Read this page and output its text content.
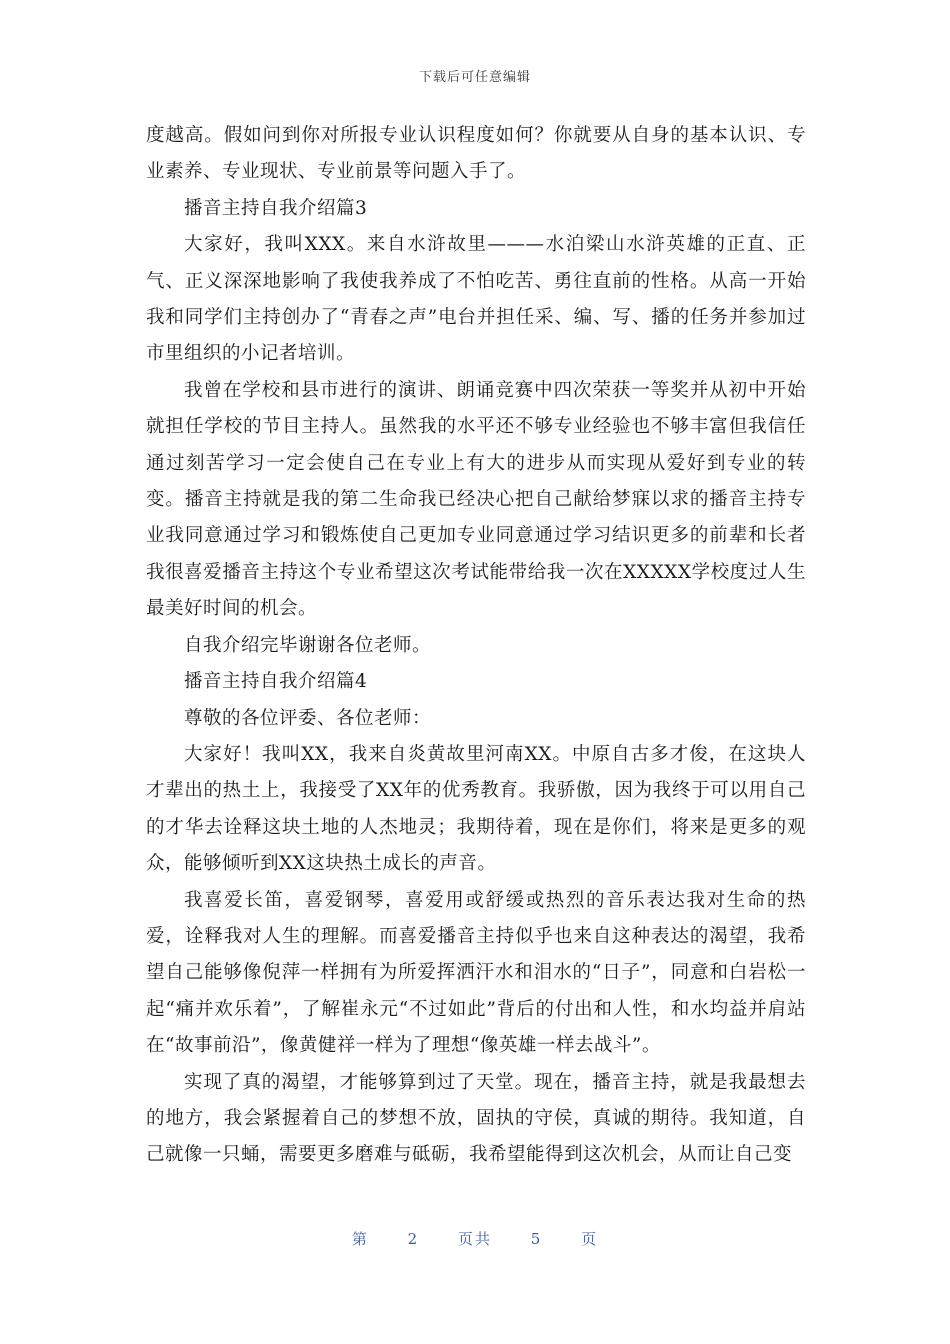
下载后可任意编辑

度越高。假如问到你对所报专业认识程度如何？你就要从自身的基本认识、专业素养、专业现状、专业前景等问题入手了。

播音主持自我介绍篇3

大家好，我叫XXX。来自水浒故里———水泊梁山水浒英雄的正直、正气、正义深深地影响了我使我养成了不怕吃苦、勇往直前的性格。从高一开始我和同学们主持创办了“青春之声”电台并担任采、编、写、播的任务并参加过市里组织的小记者培训。

我曾在学校和县市进行的演讲、朗诵竞赛中四次荣获一等奖并从初中开始就担任学校的节目主持人。虽然我的水平还不够专业经验也不够丰富但我信任通过刻苦学习一定会使自己在专业上有大的进步从而实现从爱好到专业的转变。播音主持就是我的第二生命我已经决心把自己献给梦寐以求的播音主持专业我同意通过学习和锻炼使自己更加专业同意通过学习结识更多的前辈和长者我很喜爱播音主持这个专业希望这次考试能带给我一次在XXXXX学校度过人生最美好时间的机会。

自我介绍完毕谢谢各位老师。

播音主持自我介绍篇4

尊敬的各位评委、各位老师：

大家好！我叫XX，我来自炎黄故里河南XX。中原自古多才俊，在这块人才辈出的热土上，我接受了XX年的优秀教育。我骄傲，因为我终于可以用自己的才华去诠释这块土地的人杰地灵；我期待着，现在是你们，将来是更多的观众，能够倾听到XX这块热土成长的声音。

我喜爱长笛，喜爱钢琴，喜爱用或舒缓或热烈的音乐表达我对生命的热爱，诠释我对人生的理解。而喜爱播音主持似乎也来自这种表达的渴望，我希望自己能够像倪萍一样拥有为所爱挥洒汗水和泪水的“日子”，同意和白岩松一起“痛并欢乐着”，了解崔永元“不过如此”背后的付出和人性，和水均益并肩站在“故事前沿”，像黄健祥一样为了理想“像英雄一样去战斗”。

实现了真的渴望，才能够算到过了天堂。现在，播音主持，就是我最想去的地方，我会紧握着自己的梦想不放，固执的守侯，真诚的期待。我知道，自己就像一只蛹，需要更多磨难与砥砺，我希望能得到这次机会，从而让自己变

第	2	页共	5	页
